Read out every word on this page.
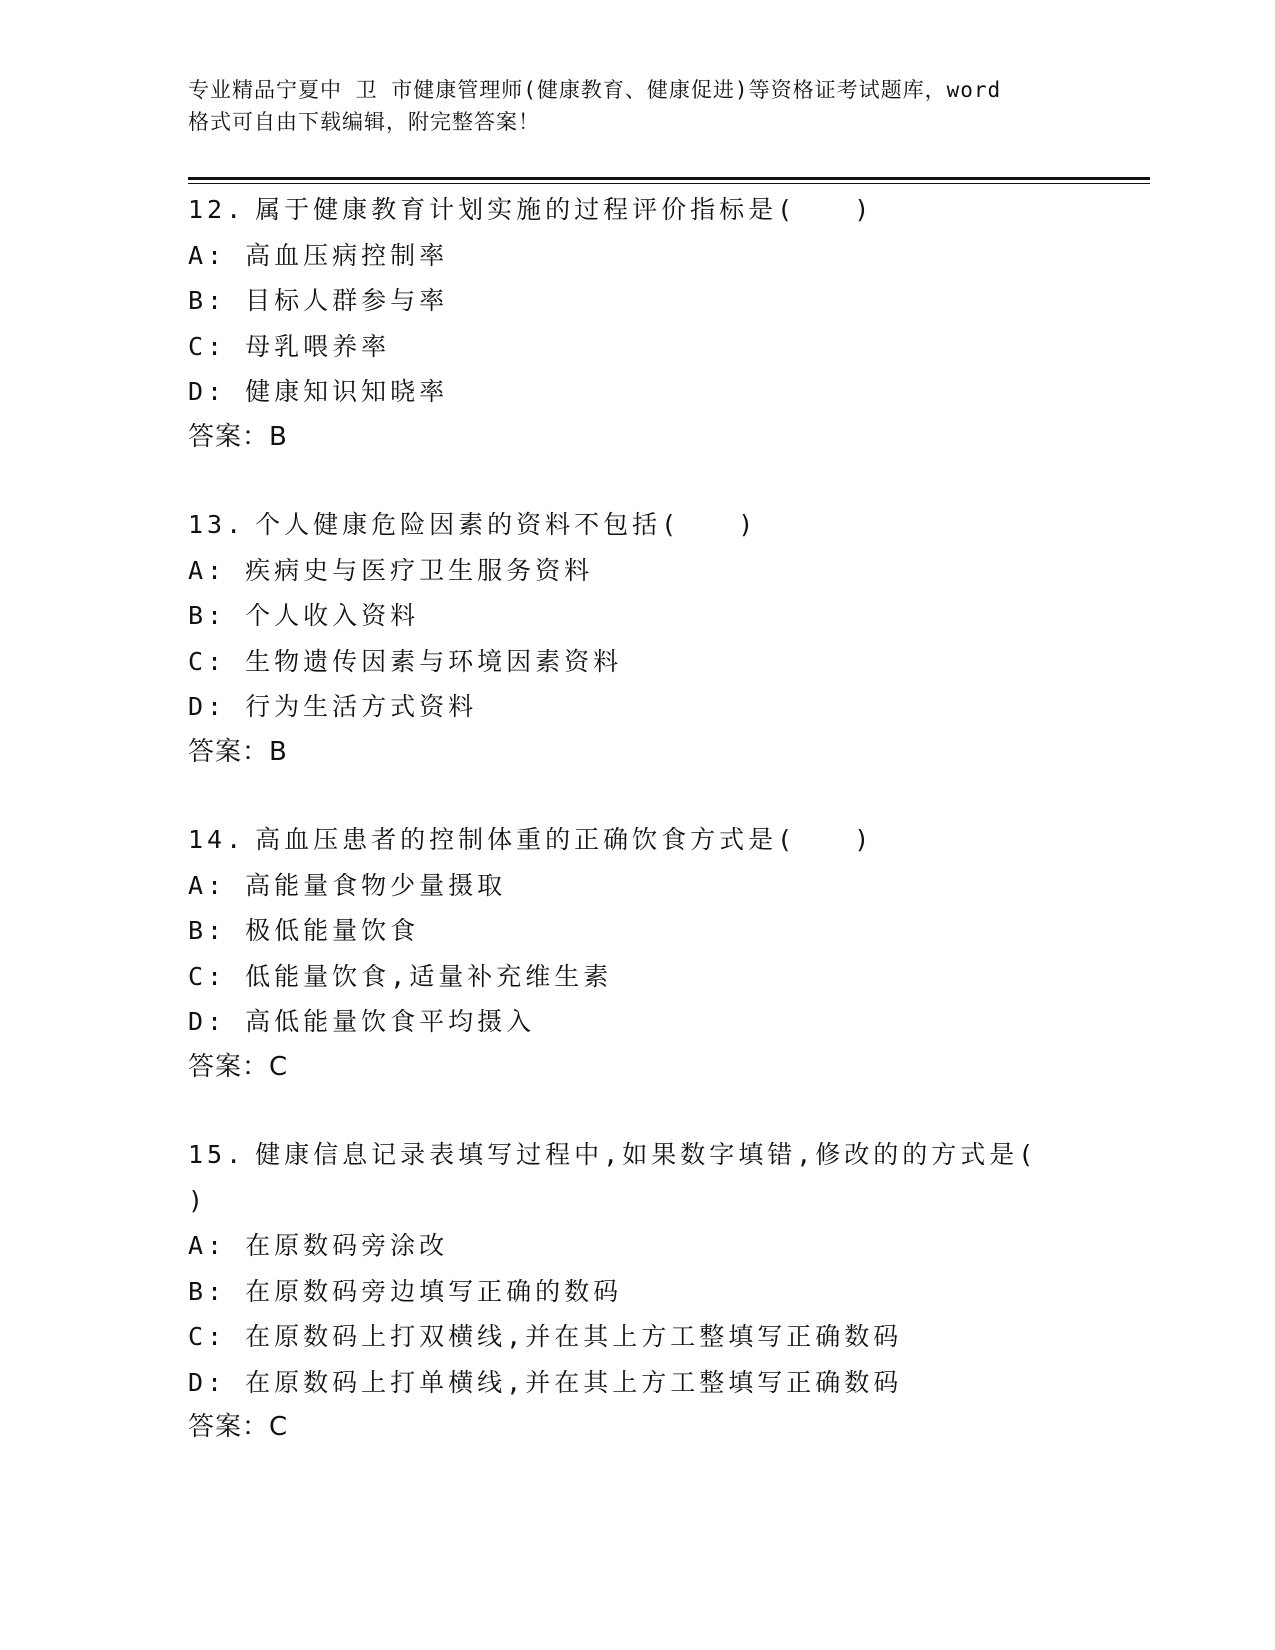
专业精品宁夏中 卫 市健康管理师(健康教育、健康促进)等资格证考试题库，word
格式可自由下载编辑，附完整答案！
12. 属于健康教育计划实施的过程评价指标是(　　)
A: 高血压病控制率
B: 目标人群参与率
C: 母乳喂养率
D: 健康知识知晓率
答案：B
13. 个人健康危险因素的资料不包括(　　)
A: 疾病史与医疗卫生服务资料
B: 个人收入资料
C: 生物遗传因素与环境因素资料
D: 行为生活方式资料
答案：B
14. 高血压患者的控制体重的正确饮食方式是(　　)
A: 高能量食物少量摄取
B: 极低能量饮食
C: 低能量饮食,适量补充维生素
D: 高低能量饮食平均摄入
答案：C
15. 健康信息记录表填写过程中,如果数字填错,修改的的方式是(
)
A: 在原数码旁涂改
B: 在原数码旁边填写正确的数码
C: 在原数码上打双横线,并在其上方工整填写正确数码
D: 在原数码上打单横线,并在其上方工整填写正确数码
答案：C
